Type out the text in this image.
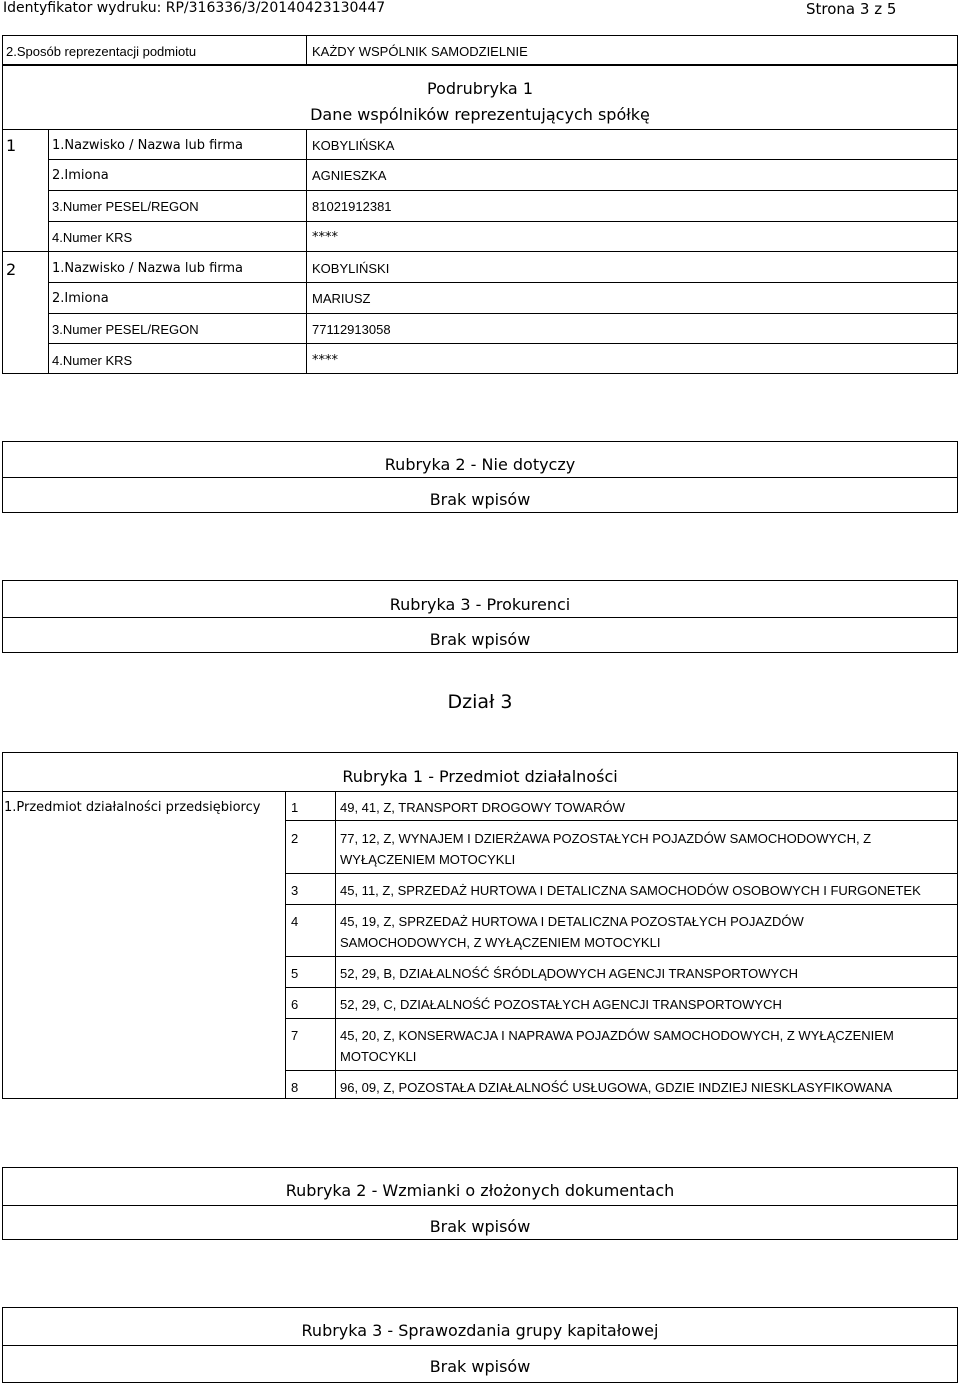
Identyfikator wydruku: RP/316336/3/20140423130447	Strona 3 z 5
2.Sposób reprezentacji podmiotu	KAŻDY WSPÓLNIK SAMODZIELNIE
Podrubryka 1
Dane wspólników reprezentujących spółkę
1	1.Nazwisko / Nazwa lub firma	KOBYLIŃSKA
2.Imiona	AGNIESZKA
3.Numer PESEL/REGON	81021912381
4.Numer KRS	****
2	1.Nazwisko / Nazwa lub firma	KOBYLIŃSKI
2.Imiona	MARIUSZ
3.Numer PESEL/REGON	77112913058
4.Numer KRS	****
Rubryka 2 - Nie dotyczy
Brak wpisów
Rubryka 3 - Prokurenci
Brak wpisów
Dział 3
Rubryka 1 - Przedmiot działalności
1.Przedmiot działalności przedsiębiorcy 1	49, 41, Z, TRANSPORT DROGOWY TOWARÓW
2	77, 12, Z, WYNAJEM I DZIERŻAWA POZOSTAŁYCH POJAZDÓW SAMOCHODOWYCH, Z
WYŁĄCZENIEM MOTOCYKLI
3	45, 11, Z, SPRZEDAŻ HURTOWA I DETALICZNA SAMOCHODÓW OSOBOWYCH I FURGONETEK
4	45, 19, Z, SPRZEDAŻ HURTOWA I DETALICZNA POZOSTAŁYCH POJAZDÓW
SAMOCHODOWYCH, Z WYŁĄCZENIEM MOTOCYKLI
5	52, 29, B, DZIAŁALNOŚĆ ŚRÓDLĄDOWYCH AGENCJI TRANSPORTOWYCH
6	52, 29, C, DZIAŁALNOŚĆ POZOSTAŁYCH AGENCJI TRANSPORTOWYCH
7	45, 20, Z, KONSERWACJA I NAPRAWA POJAZDÓW SAMOCHODOWYCH, Z WYŁĄCZENIEM
MOTOCYKLI
8	96, 09, Z, POZOSTAŁA DZIAŁALNOŚĆ USŁUGOWA, GDZIE INDZIEJ NIESKLASYFIKOWANA
Rubryka 2 - Wzmianki o złożonych dokumentach
Brak wpisów
Rubryka 3 - Sprawozdania grupy kapitałowej
Brak wpisów
